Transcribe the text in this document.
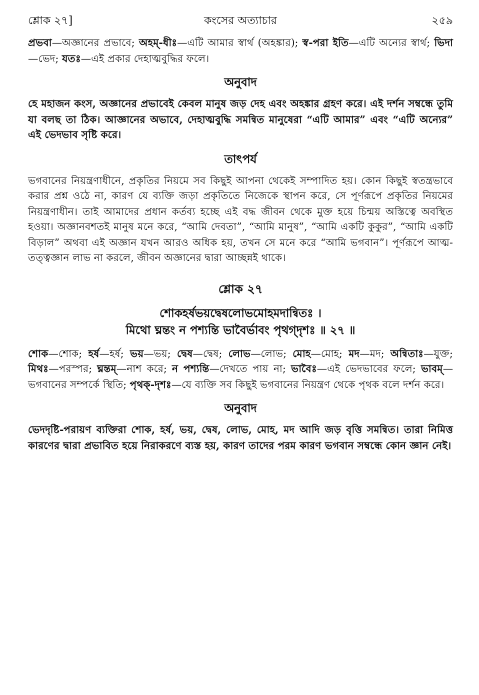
শ্লোক ২৭]	কংসের অত্যাচার	২৫৯

প্রভবা—অজ্ঞানের প্রভাবে; অহম্‌-ধীঃ—এটি আমার স্বার্থ (অহঙ্কার); স্ব-পরা ইতি—এটি অন্যের স্বার্থ; ভিদা—ভেদ; যতঃ—এই প্রকার দেহাত্মবুদ্ধির ফলে।

অনুবাদ

হে মহাজন কংস, অজ্ঞানের প্রভাবেই কেবল মানুষ জড় দেহ এবং অহঙ্কার গ্রহণ করে। এই দর্শন সম্বন্ধে তুমি যা বলছ তা ঠিক। আজ্ঞানের অভাবে, দেহাত্মবুদ্ধি সমন্বিত মানুষেরা “এটি আমার” এবং “এটি অন্যের” এই ভেদভাব সৃষ্টি করে।

তাৎপর্য

ভগবানের নিয়ন্ত্রণাধীনে, প্রকৃতির নিয়মে সব কিছুই আপনা থেকেই সম্পাদিত হয়। কোন কিছুই স্বতন্ত্রভাবে করার প্রশ্ন ওঠে না, কারণ যে ব্যক্তি জড়া প্রকৃতিতে নিজেকে স্থাপন করে, সে পূর্ণরূপে প্রকৃতির নিয়মের নিয়ন্ত্রণাধীন। তাই আমাদের প্রধান কর্তব্য হচ্ছে এই বদ্ধ জীবন থেকে মুক্ত হয়ে চিন্ময় অস্তিত্বে অবস্থিত হওয়া। অজ্ঞানবশতই মানুষ মনে করে, “আমি দেবতা”, “আমি মানুষ”, “আমি একটি কুকুর”, “আমি একটি বিড়াল” অথবা এই অজ্ঞান যখন আরও অধিক হয়, তখন সে মনে করে “আমি ভগবান”। পূর্ণরূপে আত্ম-তত্ত্বজ্ঞান লাভ না করলে, জীবন অজ্ঞানের দ্বারা আচ্ছন্নই থাকে।

শ্লোক ২৭

শোকহর্ষভয়দ্বেষলোভমোহমদান্বিতঃ ।

মিথো ঘ্নন্তং ন পশ্যন্তি ভাবৈর্ভাবং পৃথগ্‌দৃশঃ ॥ ২৭ ॥

শোক—শোক; হর্ষ—হর্ষ; ভয়—ভয়; দ্বেষ—দ্বেষ; লোভ—লোভ; মোহ—মোহ; মদ—মদ; অন্বিতাঃ—যুক্ত; মিথঃ—পরস্পর; ঘ্নন্তম্‌—নাশ করে; ন পশ্যন্তি—দেখতে পায় না; ভাবৈঃ—এই ভেদভাবের ফলে; ভাবম্‌—ভগবানের সম্পর্কে স্থিতি; পৃথক্‌-দৃশঃ—যে ব্যক্তি সব কিছুই ভগবানের নিয়ন্ত্রণ থেকে পৃথক বলে দর্শন করে।

অনুবাদ

ভেদদৃষ্টি-পরায়ণ ব্যক্তিরা শোক, হর্ষ, ভয়, দ্বেষ, লোভ, মোহ, মদ আদি জড় বৃত্তি সমন্বিত। তারা নিমিত্ত কারণের দ্বারা প্রভাবিত হয়ে নিরাকরণে ব্যস্ত হয়, কারণ তাদের পরম কারণ ভগবান সম্বন্ধে কোন জ্ঞান নেই।
